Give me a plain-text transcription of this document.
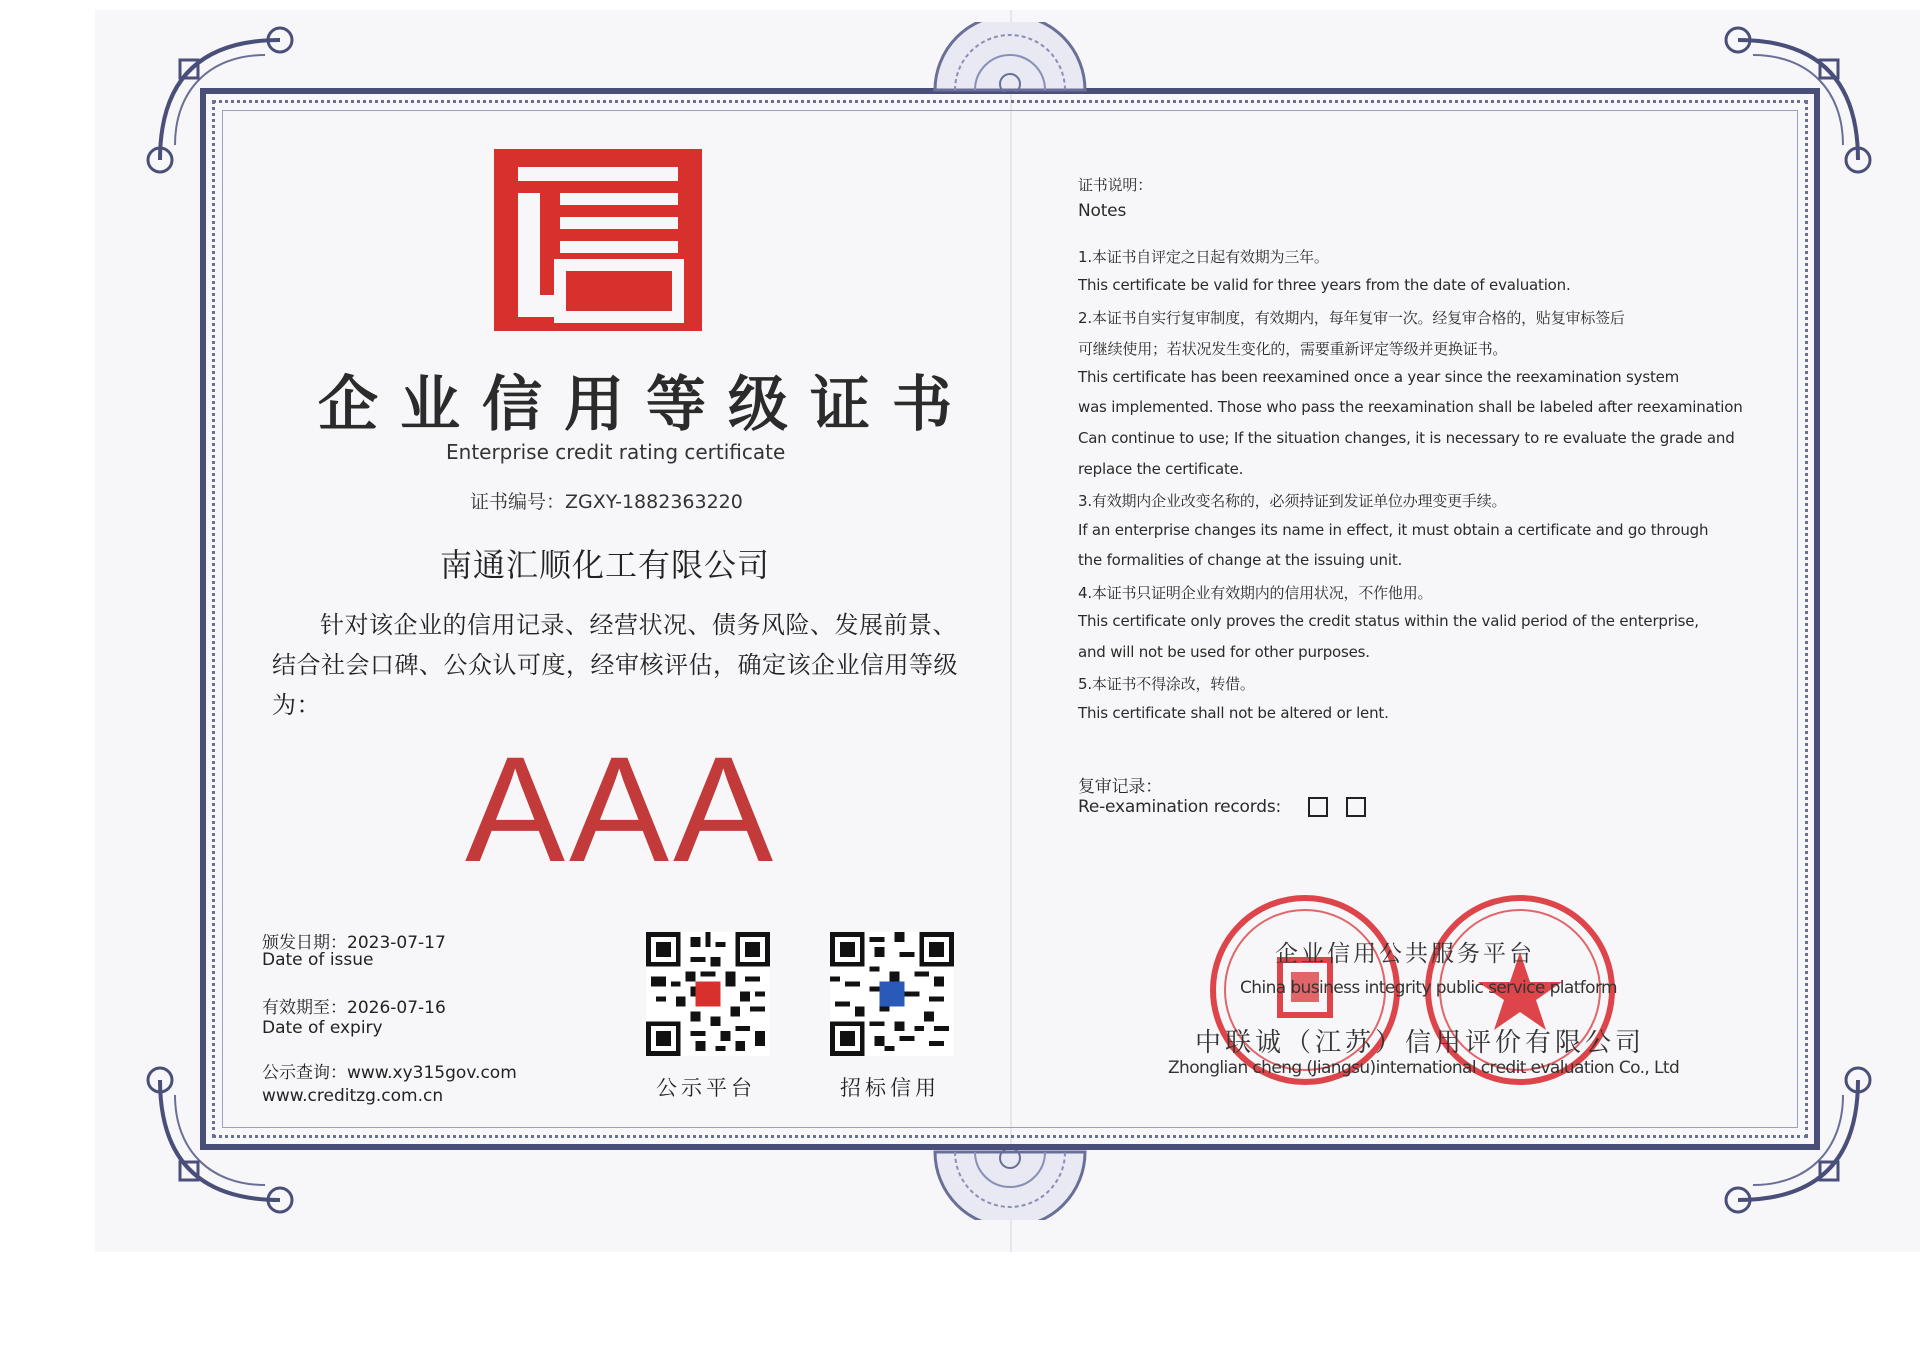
企业信用等级证书
Enterprise credit rating certificate
证书编号：ZGXY-1882363220
南通汇顺化工有限公司
针对该企业的信用记录、经营状况、债务风险、发展前景、结合社会口碑、公众认可度，经审核评估，确定该企业信用等级为：
AAA
颁发日期：2023-07-17
Date of issue
有效期至：2026-07-16
Date of expiry
公示查询：www.xy315gov.com
www.creditzg.com.cn	公示平台	招标信用
证书说明：
Notes
1.本证书自评定之日起有效期为三年。
This certificate be valid for three years from the date of evaluation.
2.本证书自实行复审制度，有效期内，每年复审一次。经复审合格的，贴复审标签后
可继续使用；若状况发生变化的，需要重新评定等级并更换证书。
This certificate has been reexamined once a year since the reexamination system
was implemented. Those who pass the reexamination shall be labeled after reexamination
Can continue to use; If the situation changes, it is necessary to re evaluate the grade and
replace the certificate.
3.有效期内企业改变名称的，必须持证到发证单位办理变更手续。
If an enterprise changes its name in effect, it must obtain a certificate and go through
the formalities of change at the issuing unit.
4.本证书只证明企业有效期内的信用状况，不作他用。
This certificate only proves the credit status within the valid period of the enterprise,
and will not be used for other purposes.
5.本证书不得涂改，转借。
This certificate shall not be altered or lent.
复审记录：
Re-examination records:
企业信用公共服务平台
China business integrity public service platform
中联诚（江苏）信用评价有限公司
Zhonglian cheng (Jiangsu)international credit evaluation Co., Ltd
